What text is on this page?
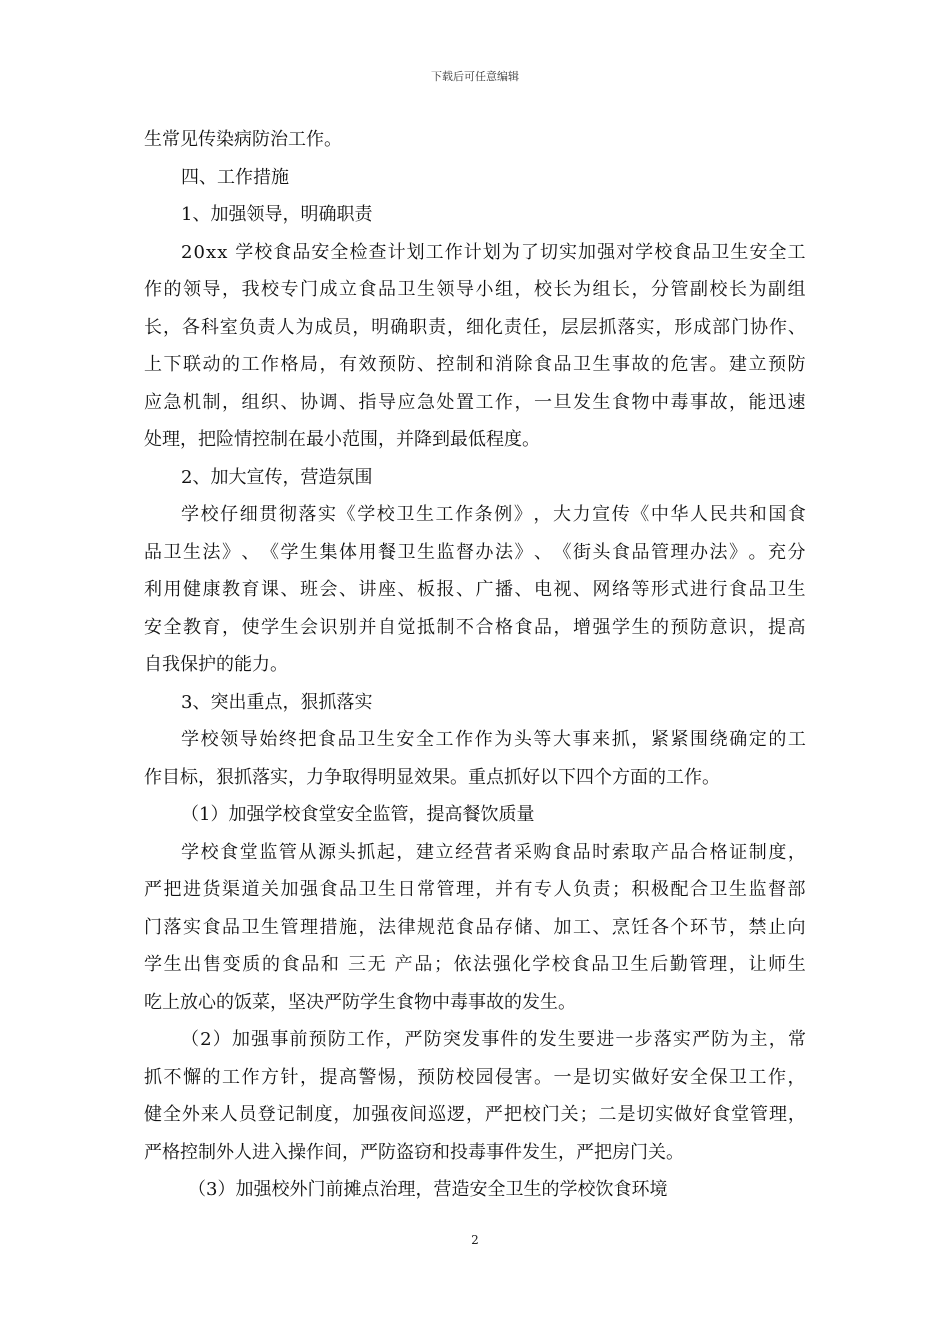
下载后可任意编辑
生常见传染病防治工作。
四、工作措施
1、加强领导，明确职责
2 0 x x
学 校 食 品 安 全 检 查 计 划 工 作 计 划 为 了 切 实 加 强 对 学 校 食 品 卫 生 安 全 工
作 的 领 导 ， 我 校 专 门 成 立 食 品 卫 生 领 导 小 组 ， 校 长 为 组 长 ， 分 管 副 校 长 为 副 组
长 ， 各 科 室 负 责 人 为 成 员 ， 明 确 职 责 ， 细 化 责 任 ， 层 层 抓 落 实 ， 形 成 部 门 协 作 、
上 下 联 动 的 工 作 格 局 ， 有 效 预 防 、 控 制 和 消 除 食 品 卫 生 事 故 的 危 害 。 建 立 预 防
应 急 机 制 ， 组 织 、 协 调 、 指 导 应 急 处 置 工 作 ， 一 旦 发 生 食 物 中 毒 事 故 ， 能 迅 速
处理，把险情控制在最小范围，并降到最低程度。
2、加大宣传，营造氛围
学 校 仔 细 贯 彻 落 实 《 学 校 卫 生 工 作 条 例 》 ， 大 力 宣 传 《 中 华 人 民 共 和 国 食
品 卫 生 法 》 、 《 学 生 集 体 用 餐 卫 生 监 督 办 法 》 、 《 街 头 食 品 管 理 办 法 》 。 充 分
利 用 健 康 教 育 课 、 班 会 、 讲 座 、 板 报 、 广 播 、 电 视 、 网 络 等 形 式 进 行 食 品 卫 生
安 全 教 育 ， 使 学 生 会 识 别 并 自 觉 抵 制 不 合 格 食 品 ， 增 强 学 生 的 预 防 意 识 ， 提 高
自我保护的能力。
3、突出重点，狠抓落实
学 校 领 导 始 终 把 食 品 卫 生 安 全 工 作 作 为 头 等 大 事 来 抓 ， 紧 紧 围 绕 确 定 的 工
作目标，狠抓落实，力争取得明显效果。重点抓好以下四个方面的工作。
（1）加强学校食堂安全监管，提高餐饮质量
学 校 食 堂 监 管 从 源 头 抓 起 ， 建 立 经 营 者 采 购 食 品 时 索 取 产 品 合 格 证 制 度 ，
严 把 进 货 渠 道 关 加 强 食 品 卫 生 日 常 管 理 ， 并 有 专 人 负 责 ； 积 极 配 合 卫 生 监 督 部
门 落 实 食 品 卫 生 管 理 措 施 ， 法 律 规 范 食 品 存 储 、 加 工 、 烹 饪 各 个 环 节 ， 禁 止 向
学 生 出 售 变 质 的 食 品 和
三 无
产 品 ； 依 法 强 化 学 校 食 品 卫 生 后 勤 管 理 ， 让 师 生
吃上放心的饭菜，坚决严防学生食物中毒事故的发生。
（ 2 ） 加 强 事 前 预 防 工 作 ， 严 防 突 发 事 件 的 发 生 要 进 一 步 落 实 严 防 为 主 ， 常
抓 不 懈 的 工 作 方 针 ， 提 高 警 惕 ， 预 防 校 园 侵 害 。 一 是 切 实 做 好 安 全 保 卫 工 作 ，
健 全 外 来 人 员 登 记 制 度 ， 加 强 夜 间 巡 逻 ， 严 把 校 门 关 ； 二 是 切 实 做 好 食 堂 管 理 ，
严格控制外人进入操作间，严防盗窃和投毒事件发生，严把房门关。
（3）加强校外门前摊点治理，营造安全卫生的学校饮食环境
2
